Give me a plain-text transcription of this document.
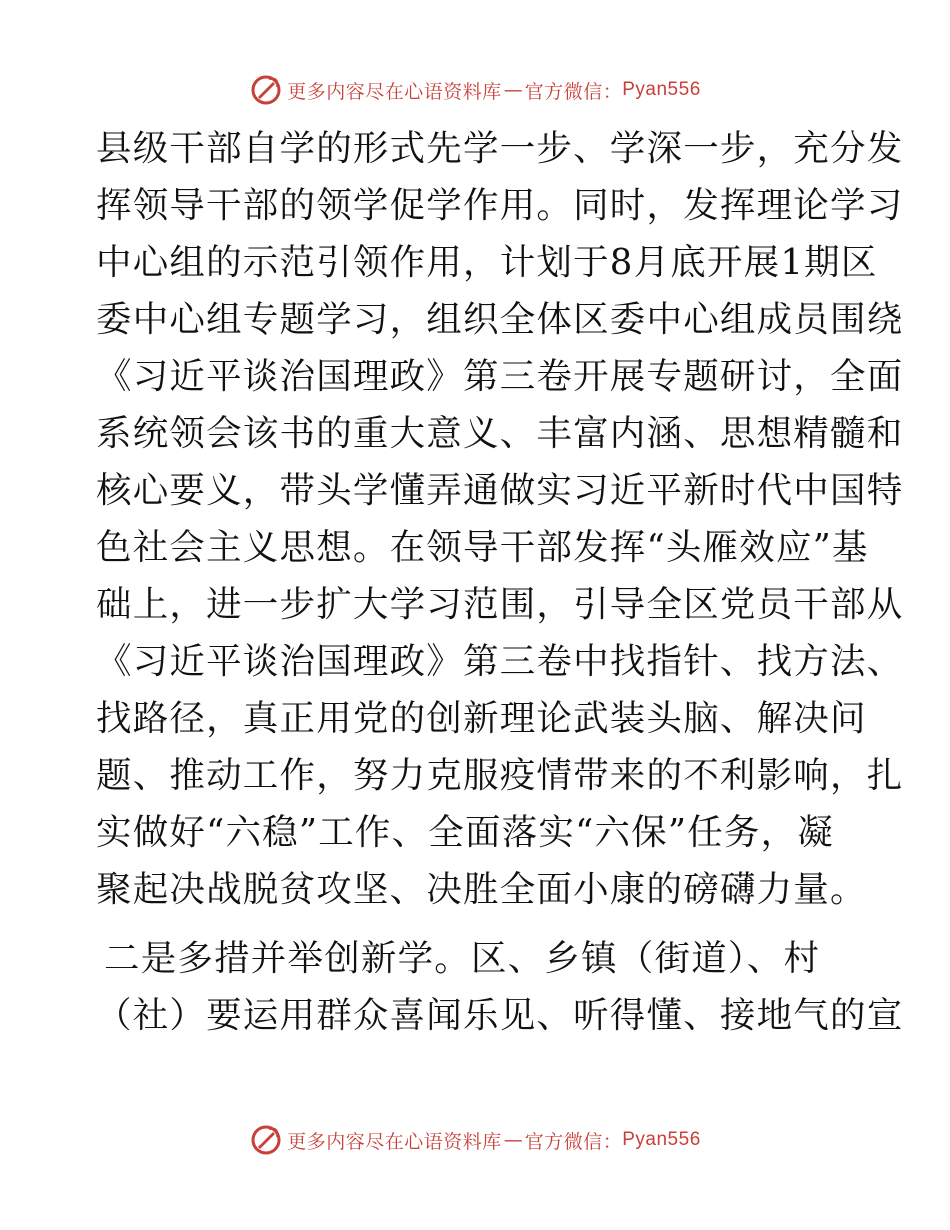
更多内容尽在心语资料库 — 官方微信： Pyan556
县级干部自学的形式先学一步、学深一步，充分发
挥领导干部的领学促学作用。同时，发挥理论学习
中心组的示范引领作用，计划于8月底开展1期区
委中心组专题学习，组织全体区委中心组成员围绕
《习近平谈治国理政》第三卷开展专题研讨，全面
系统领会该书的重大意义、丰富内涵、思想精髓和
核心要义，带头学懂弄通做实习近平新时代中国特
色社会主义思想。在领导干部发挥“头雁效应”基
础上，进一步扩大学习范围，引导全区党员干部从
《习近平谈治国理政》第三卷中找指针、找方法、
找路径，真正用党的创新理论武装头脑、解决问
题、推动工作，努力克服疫情带来的不利影响，扎
实做好“六稳”工作、全面落实“六保”任务，凝
聚起决战脱贫攻坚、决胜全面小康的磅礴力量。
二是多措并举创新学。区、乡镇（街道）、村
（社）要运用群众喜闻乐见、听得懂、接地气的宣
更多内容尽在心语资料库 — 官方微信： Pyan556
